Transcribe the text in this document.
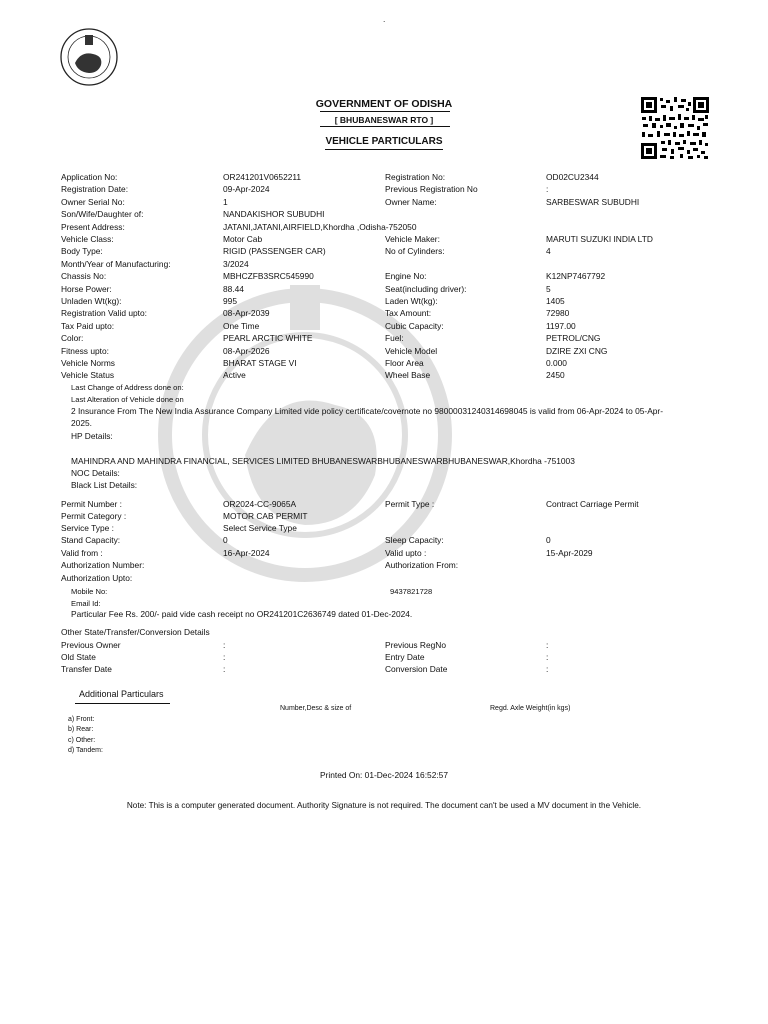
.
GOVERNMENT OF ODISHA
[ BHUBANESWAR RTO ]
VEHICLE PARTICULARS
Application No:	OR241201V0652211	Registration No:	OD02CU2344
Registration Date:	09-Apr-2024	Previous Registration No	:
Owner Serial No:	1	Owner Name:	SARBESWAR SUBUDHI
Son/Wife/Daughter of:	NANDAKISHOR SUBUDHI
Present Address:	JATANI,JATANI,AIRFIELD,Khordha ,Odisha-752050
Vehicle Class:	Motor Cab	Vehicle Maker:	MARUTI SUZUKI INDIA LTD
Body Type:	RIGID (PASSENGER CAR)	No of Cylinders:	4
Month/Year of Manufacturing:	3/2024
Chassis No:	MBHCZFB3SRC545990	Engine No:	K12NP7467792
Horse Power:	88.44	Seat(including driver):	5
Unladen Wt(kg):	995	Laden Wt(kg):	1405
Registration Valid upto:	08-Apr-2039	Tax Amount:	72980
Tax Paid upto:	One Time	Cubic Capacity:	1197.00
Color:	PEARL ARCTIC WHITE	Fuel:	PETROL/CNG
Fitness upto:	08-Apr-2026	Vehicle Model	DZIRE ZXI CNG
Vehicle Norms	BHARAT STAGE VI	Floor Area	0.000
Vehicle Status	Active	Wheel Base	2450
Last Change of Address done on:
Last Alteration of Vehicle done on
2 Insurance From The New India Assurance Company Limited vide policy certificate/covernote no 98000031240314698045 is valid from 06-Apr-2024 to 05-Apr-
2025.
HP Details:
MAHINDRA AND MAHINDRA FINANCIAL, SERVICES LIMITED BHUBANESWARBHUBANESWARBHUBANESWAR,Khordha -751003
NOC Details:
Black List Details:
Permit Number :	OR2024-CC-9065A	Permit Type :	Contract Carriage Permit
Permit Category :	MOTOR CAB PERMIT
Service Type :	Select Service Type
Stand Capacity:	0	Sleep Capacity:	0
Valid from :	16-Apr-2024	Valid upto :	15-Apr-2029
Authorization Number:	Authorization From:
Authorization Upto:
Mobile No:	9437821728
Email Id:
Particular Fee Rs. 200/- paid vide cash receipt no OR241201C2636749 dated 01-Dec-2024.
Other State/Transfer/Conversion Details
Previous Owner	:	Previous RegNo	:
Old State	:	Entry Date	:
Transfer Date	:	Conversion Date	:
Additional Particulars
Number,Desc & size of	Regd. Axle Weight(in kgs)
a) Front:
b) Rear:
c) Other:
d) Tandem:
Printed On: 01-Dec-2024 16:52:57
Note: This is a computer generated document. Authority Signature is not required. The document can't be used a MV document in the Vehicle.
